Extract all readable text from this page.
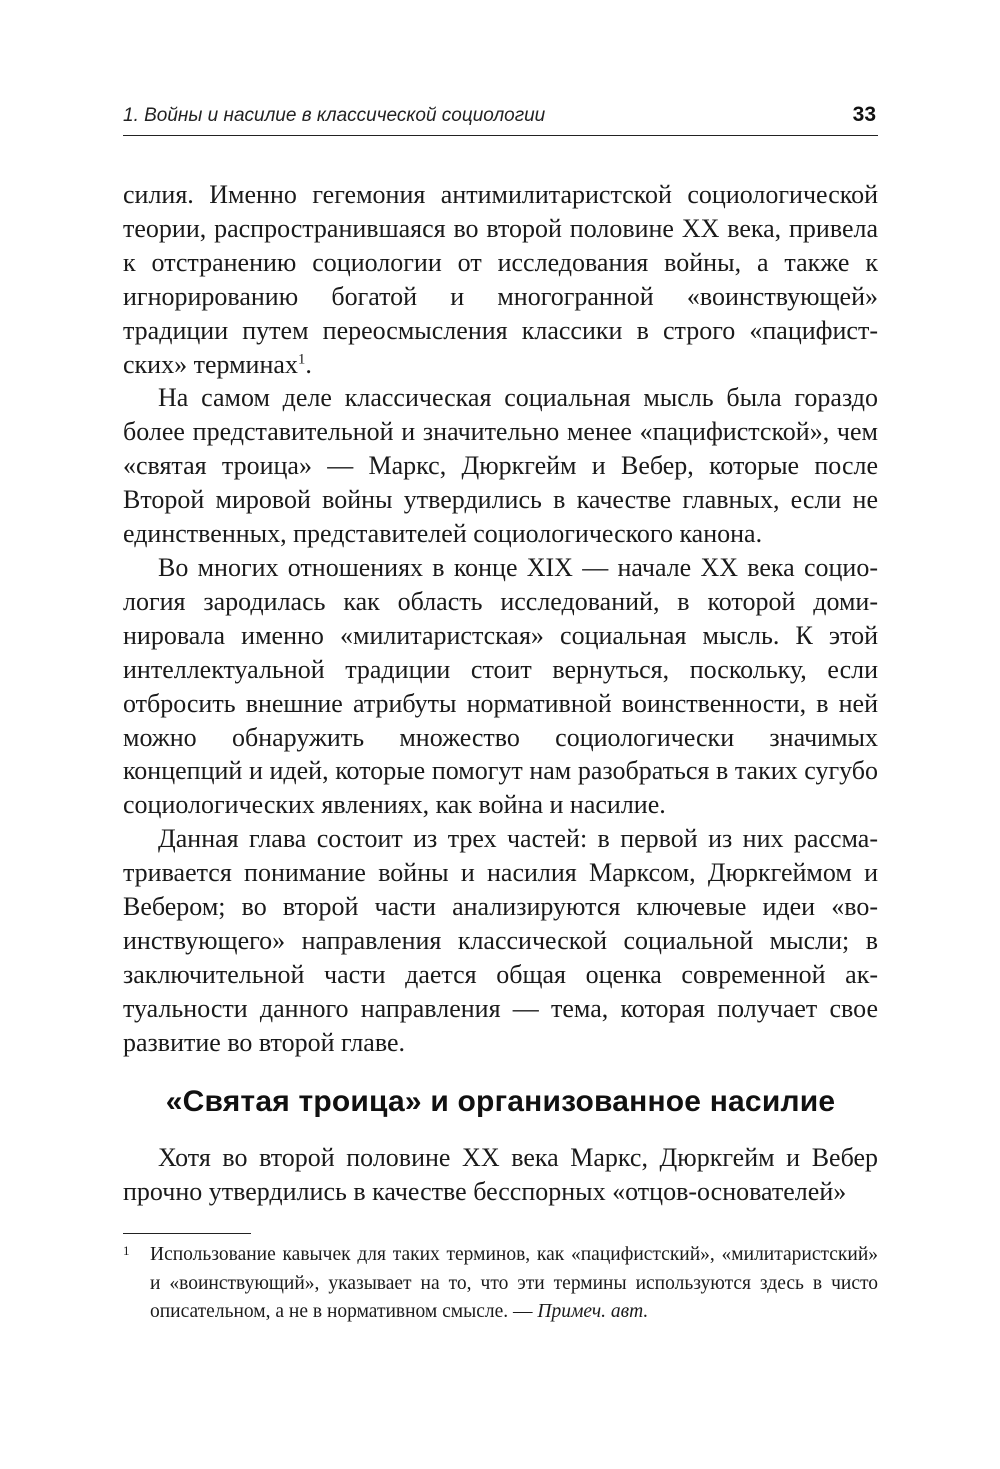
1. Войны и насилие в классической социологии	33

силия. Именно гегемония антимилитаристской социологической теории, распространившаяся во второй половине XX века, привела к отстранению социологии от исследования войны, а также к игнорированию богатой и многогранной «воинствующей» традиции путем переосмысления классики в строго «пацифистских» терминах$^1$.

На самом деле классическая социальная мысль была гораздо более представительной и значительно менее «пацифистской», чем «святая троица» — Маркс, Дюркгейм и Вебер, которые после Второй мировой войны утвердились в качестве главных, если не единственных, представителей социологического канона.

Во многих отношениях в конце XIX — начале XX века социология зародилась как область исследований, в которой доминировала именно «милитаристская» социальная мысль. К этой интеллектуальной традиции стоит вернуться, поскольку, если отбросить внешние атрибуты нормативной воинственности, в ней можно обнаружить множество социологически значимых концепций и идей, которые помогут нам разобраться в таких сугубо социологических явлениях, как война и насилие.

Данная глава состоит из трех частей: в первой из них рассматривается понимание войны и насилия Марксом, Дюркгеймом и Вебером; во второй части анализируются ключевые идеи «воинствующего» направления классической социальной мысли; в заключительной части дается общая оценка современной актуальности данного направления — тема, которая получает свое развитие во второй главе.

«Святая троица» и организованное насилие

Хотя во второй половине XX века Маркс, Дюркгейм и Вебер прочно утвердились в качестве бесспорных «отцов-основателей»

1 Использование кавычек для таких терминов, как «пацифистский», «милитаристский» и «воинствующий», указывает на то, что эти термины используются здесь в чисто описательном, а не в нормативном смысле. — Примеч. авт.
